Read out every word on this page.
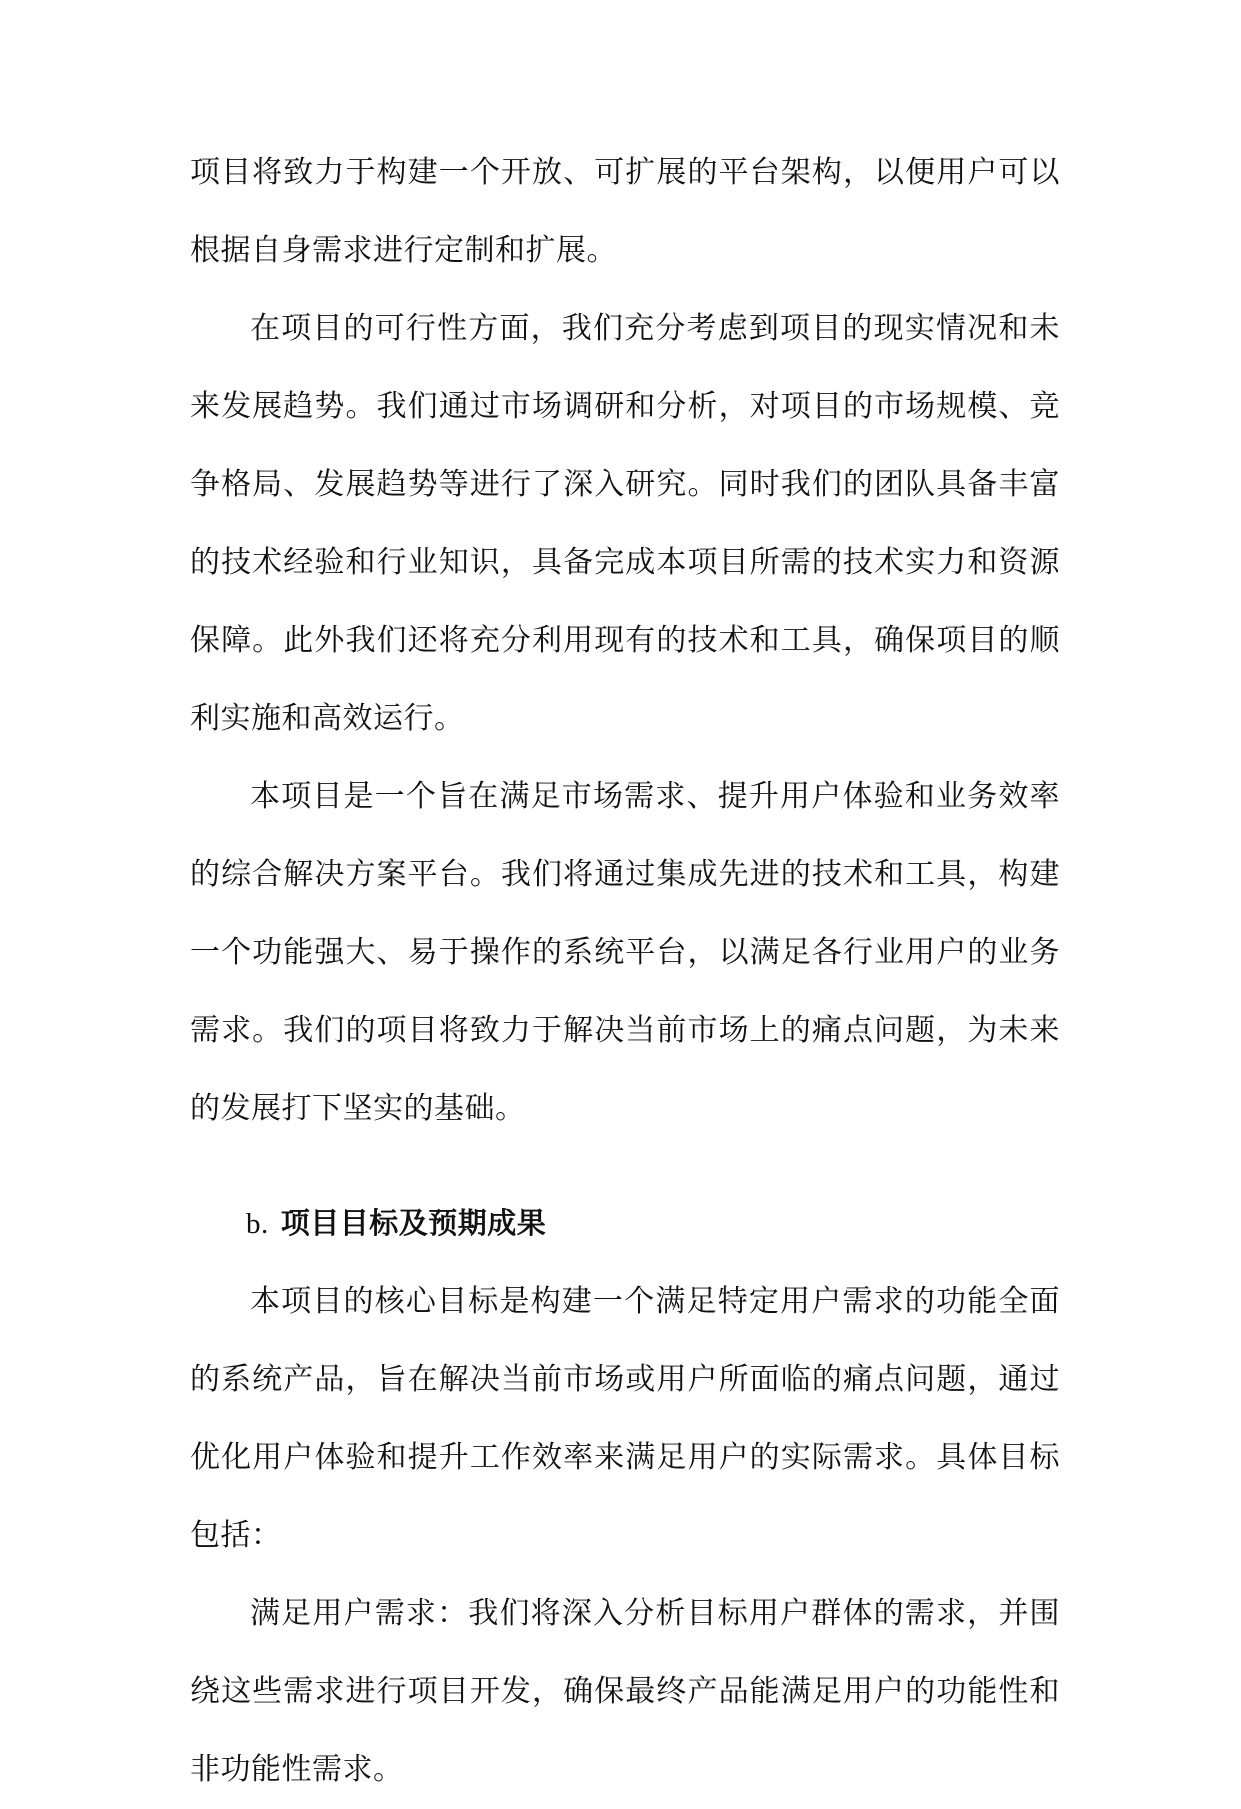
项目将致力于构建一个开放、可扩展的平台架构，以便用户可以根据自身需求进行定制和扩展。

在项目的可行性方面，我们充分考虑到项目的现实情况和未来发展趋势。我们通过市场调研和分析，对项目的市场规模、竞争格局、发展趋势等进行了深入研究。同时我们的团队具备丰富的技术经验和行业知识，具备完成本项目所需的技术实力和资源保障。此外我们还将充分利用现有的技术和工具，确保项目的顺利实施和高效运行。

本项目是一个旨在满足市场需求、提升用户体验和业务效率的综合解决方案平台。我们将通过集成先进的技术和工具，构建一个功能强大、易于操作的系统平台，以满足各行业用户的业务需求。我们的项目将致力于解决当前市场上的痛点问题，为未来的发展打下坚实的基础。

b. 项目目标及预期成果

本项目的核心目标是构建一个满足特定用户需求的功能全面的系统产品，旨在解决当前市场或用户所面临的痛点问题，通过优化用户体验和提升工作效率来满足用户的实际需求。具体目标包括：

满足用户需求：我们将深入分析目标用户群体的需求，并围绕这些需求进行项目开发，确保最终产品能满足用户的功能性和非功能性需求。
